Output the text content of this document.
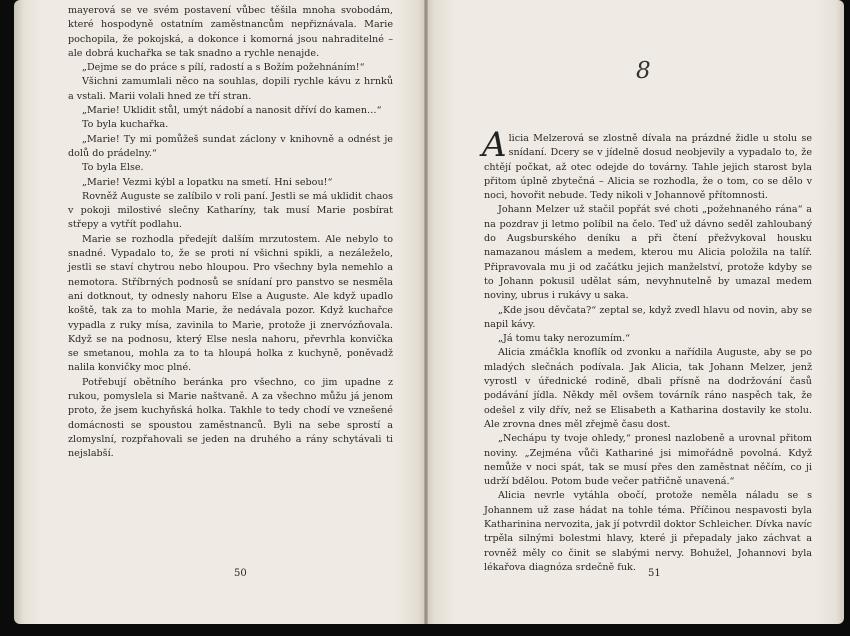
mayerová se ve svém postavení vůbec těšila mnoha svobodám, které hospodyně ostatním zaměstnancům nepřiznávala. Marie pochopila, že pokojská, a dokonce i komorná jsou nahraditelné – ale dobrá kuchařka se tak snadno a rychle nenajde.

„Dejme se do práce s pílí, radostí a s Božím požehnáním!“

Všichni zamumlali něco na souhlas, dopili rychle kávu z hrnků a vstali. Marii volali hned ze tří stran.

„Marie! Uklidit stůl, umýt nádobí a nanosit dříví do kamen…“

To byla kuchařka.

„Marie! Ty mi pomůžeš sundat záclony v knihovně a odnést je dolů do prádelny.“

To byla Else.

„Marie! Vezmi kýbl a lopatku na smetí. Hni sebou!“

Rovněž Auguste se zalíbilo v roli paní. Jestli se má uklidit chaos v pokoji milostivé slečny Katharíny, tak musí Marie posbírat střepy a vytřít podlahu.

Marie se rozhodla předejít dalším mrzutostem. Ale nebylo to snadné. Vypadalo to, že se proti ní všichni spikli, a nezáleželo, jestli se staví chytrou nebo hloupou. Pro všechny byla nemehlo a nemotora. Stříbrných podnosů se snídaní pro panstvo se nesměla ani dotknout, ty odnesly nahoru Else a Auguste. Ale když upadlo koště, tak za to mohla Marie, že nedávala pozor. Když kuchařce vypadla z ruky mísa, zavinila to Marie, protože ji znervózňovala. Když se na podnosu, který Else nesla nahoru, převrhla konvička se smetanou, mohla za to ta hloupá holka z kuchyně, poněvadž nalila konvičky moc plné.

Potřebují obětního beránka pro všechno, co jim upadne z rukou, pomyslela si Marie naštvaně. A za všechno můžu já jenom proto, že jsem kuchyňská holka. Takhle to tedy chodí ve vznešené domácnosti se spoustou zaměstnanců. Byli na sebe sprostí a zlomyslní, rozpřahovali se jeden na druhého a rány schytávali ti nejslabší.

50
8

Alicia Melzerová se zlostně dívala na prázdné židle u stolu se snídaní. Dcery se v jídelně dosud neobjevily a vypadalo to, že chtějí počkat, až otec odejde do továrny. Tahle jejich starost byla přitom úplně zbytečná – Alicia se rozhodla, že o tom, co se dělo v noci, hovořit nebude. Tedy nikoli v Johannově přítomnosti.

Johann Melzer už stačil popřát své choti „požehnaného rána“ a na pozdrav ji letmo políbil na čelo. Teď už dávno seděl zahloubaný do Augsburského deníku a při čtení přežvykoval housku namazanou máslem a medem, kterou mu Alicia položila na talíř. Připravovala mu ji od začátku jejich manželství, protože kdyby se to Johann pokusil udělat sám, nevyhnutelně by umazal medem noviny, ubrus i rukávy u saka.

„Kde jsou děvčata?“ zeptal se, když zvedl hlavu od novin, aby se napil kávy.

„Já tomu taky nerozumím.“

Alicia zmáčkla knoflík od zvonku a nařídila Auguste, aby se po mladých slečnách podívala. Jak Alicia, tak Johann Melzer, jenž vyrostl v úřednické rodině, dbali přísně na dodržování časů podávání jídla. Někdy měl ovšem továrník ráno naspěch tak, že odešel z vily dřív, než se Elisabeth a Katharina dostavily ke stolu. Ale zrovna dnes měl zřejmě času dost.

„Nechápu ty tvoje ohledy,“ pronesl nazlobeně a urovnal přitom noviny. „Zejména vůči Kathariné jsi mimořádně povolná. Když nemůže v noci spát, tak se musí přes den zaměstnat něčím, co ji udrží bdělou. Potom bude večer patřičně unavená.“

Alicia nevrle vytáhla obočí, protože neměla náladu se s Johannem už zase hádat na tohle téma. Příčinou nespavosti byla Katharinina nervozita, jak jí potvrdil doktor Schleicher. Dívka navíc trpěla silnými bolestmi hlavy, které ji přepadaly jako záchvat a rovněž měly co činit se slabými nervy. Bohužel, Johannovi byla lékařova diagnóza srdečně fuk.

51
